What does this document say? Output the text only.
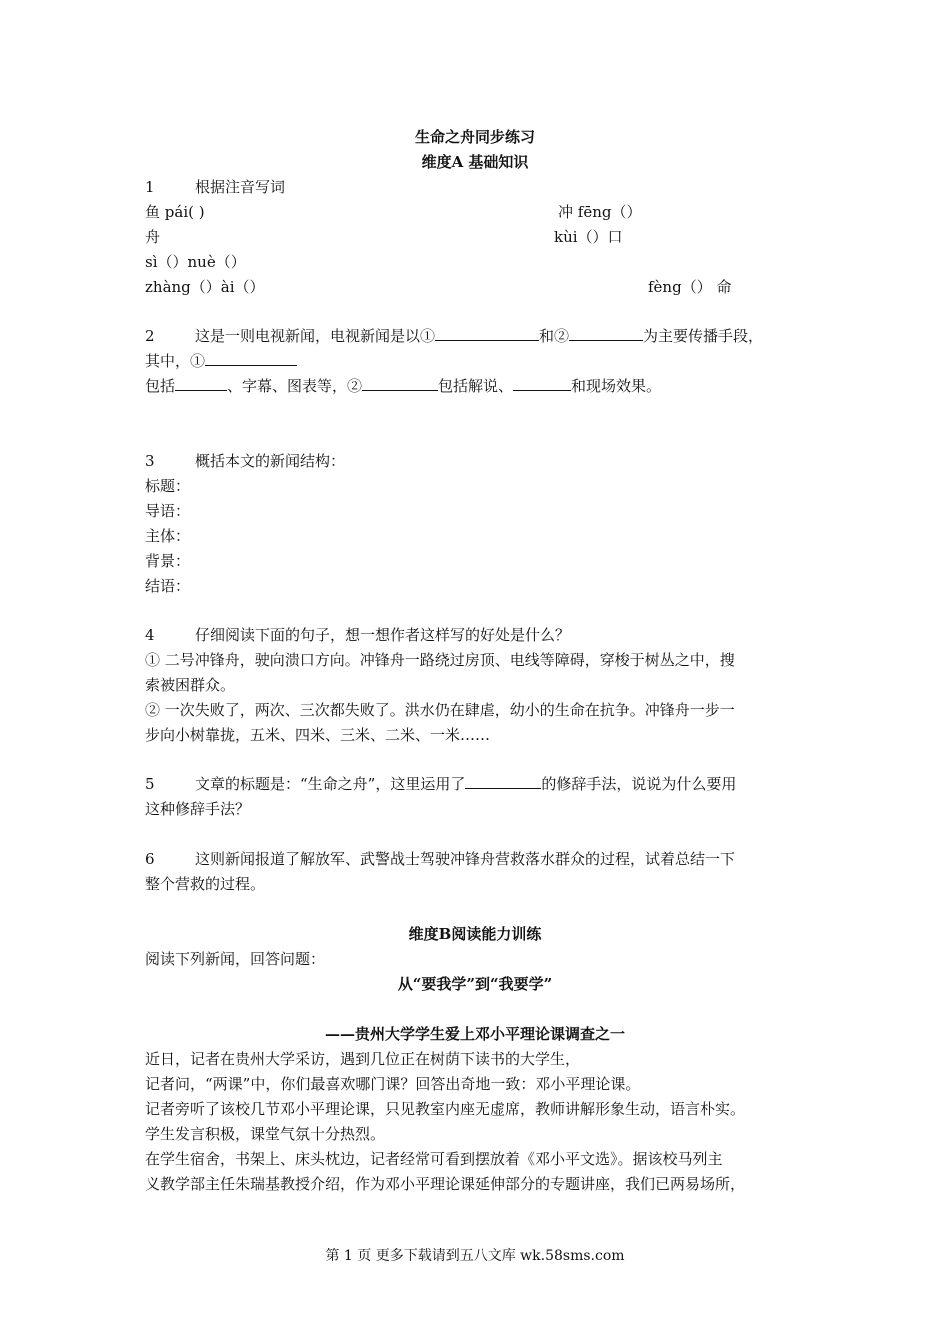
生命之舟同步练习
维度A 基础知识
1	根据注音写词
鱼 pái( )	冲 fēng（）
舟	kùi（）口
sì（）nuè（）
zhàng（）ài（）	fèng（） 命
2	这是一则电视新闻，电视新闻是以①	和②	为主要传播手段，
其中，①
包括	、字幕、图表等，②	包括解说、	和现场效果。
3	概括本文的新闻结构：
标题：
导语：
主体：
背景：
结语：
4	仔细阅读下面的句子，想一想作者这样写的好处是什么？
① 二号冲锋舟，驶向溃口方向。冲锋舟一路绕过房顶、电线等障碍，穿梭于树丛之中，搜
索被困群众。
② 一次失败了，两次、三次都失败了。洪水仍在肆虐，幼小的生命在抗争。冲锋舟一步一
步向小树靠拢，五米、四米、三米、二米、一米……
5	文章的标题是：“生命之舟”，这里运用了	的修辞手法，说说为什么要用
这种修辞手法？
6	这则新闻报道了解放军、武警战士驾驶冲锋舟营救落水群众的过程，试着总结一下
整个营救的过程。
维度B阅读能力训练
阅读下列新闻，回答问题：
从“要我学”到“我要学”
——贵州大学学生爱上邓小平理论课调查之一
近日，记者在贵州大学采访，遇到几位正在树荫下读书的大学生，
记者问，“两课”中，你们最喜欢哪门课？回答出奇地一致：邓小平理论课。
记者旁听了该校几节邓小平理论课，只见教室内座无虚席，教师讲解形象生动，语言朴实。
学生发言积极，课堂气氛十分热烈。
在学生宿舍，书架上、床头枕边，记者经常可看到摆放着《邓小平文选》。据该校马列主
义教学部主任朱瑞基教授介绍，作为邓小平理论课延伸部分的专题讲座，我们已两易场所，
第 1 页 更多下载请到五八文库 wk.58sms.com
